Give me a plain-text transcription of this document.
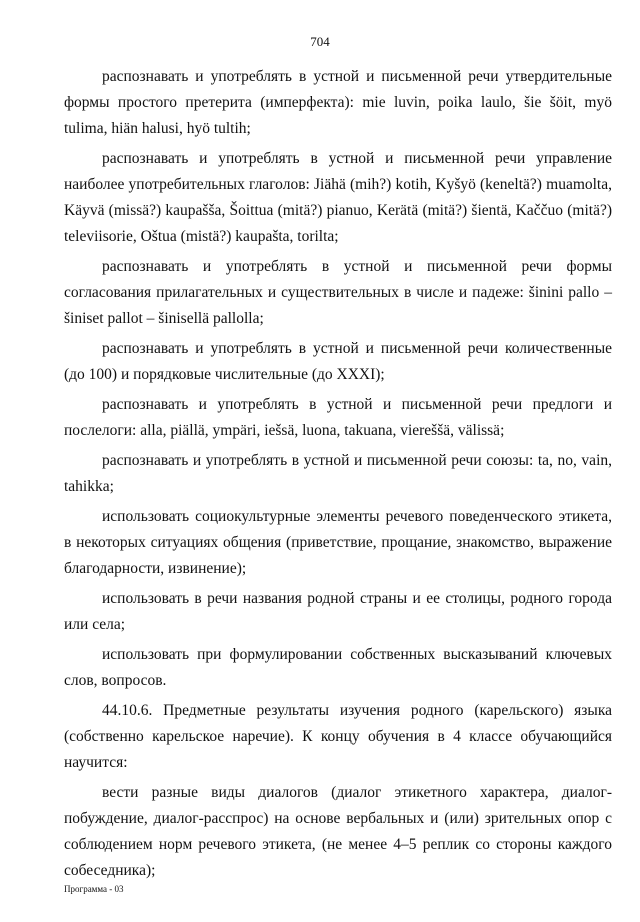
704

распознавать и употреблять в устной и письменной речи утвердительные формы простого претерита (имперфекта): mie luvin, poika laulo, šie šöit, myö tulima, hiän halusi, hyö tultih;

распознавать и употреблять в устной и письменной речи управление наиболее употребительных глаголов: Jiähä (mih?) kotih, Kyšyö (keneltä?) muamolta, Käyvä (missä?) kaupašša, Šoittua (mitä?) pianuo, Kerätä (mitä?) šientä, Kaččuo (mitä?) televiisorie, Oštua (mistä?) kaupašta, torilta;

распознавать и употреблять в устной и письменной речи формы согласования прилагательных и существительных в числе и падеже: šinini pallo – šiniset pallot – šinisellä pallolla;

распознавать и употреблять в устной и письменной речи количественные (до 100) и порядковые числительные (до XXXI);

распознавать и употреблять в устной и письменной речи предлоги и послелоги: alla, piällä, ympäri, iešsä, luona, takuana, viereššä, välissä;

распознавать и употреблять в устной и письменной речи союзы: ta, no, vain, tahikka;

использовать социокультурные элементы речевого поведенческого этикета, в некоторых ситуациях общения (приветствие, прощание, знакомство, выражение благодарности, извинение);

использовать в речи названия родной страны и ее столицы, родного города или села;

использовать при формулировании собственных высказываний ключевых слов, вопросов.

44.10.6. Предметные результаты изучения родного (карельского) языка (собственно карельское наречие). К концу обучения в 4 классе обучающийся научится:

вести разные виды диалогов (диалог этикетного характера, диалог-побуждение, диалог-расспрос) на основе вербальных и (или) зрительных опор с соблюдением норм речевого этикета, (не менее 4–5 реплик со стороны каждого собеседника);

Программа - 03
